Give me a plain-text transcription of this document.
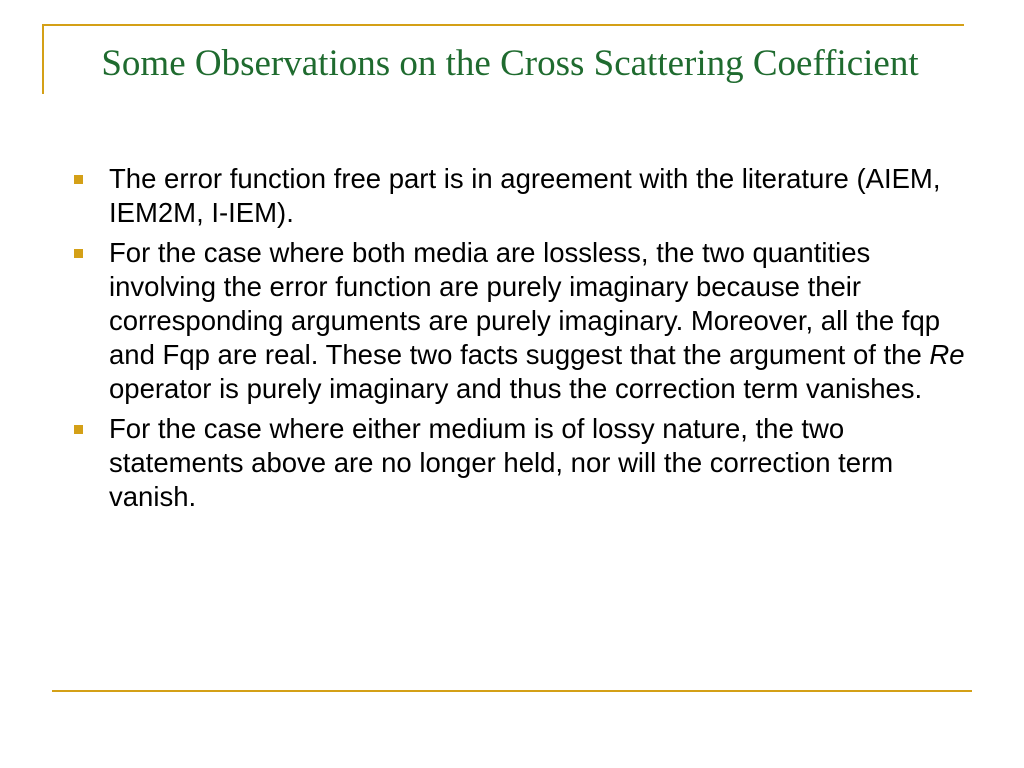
Some Observations on the Cross Scattering Coefficient
The error function free part is in agreement with the literature (AIEM, IEM2M, I-IEM).
For the case where both media are lossless, the two quantities involving the error function are purely imaginary because their corresponding arguments are purely imaginary. Moreover, all the fqp and Fqp are real. These two facts suggest that the argument of the Re operator is purely imaginary and thus the correction term vanishes.
For the case where either medium is of lossy nature, the two statements above are no longer held, nor will the correction term vanish.
